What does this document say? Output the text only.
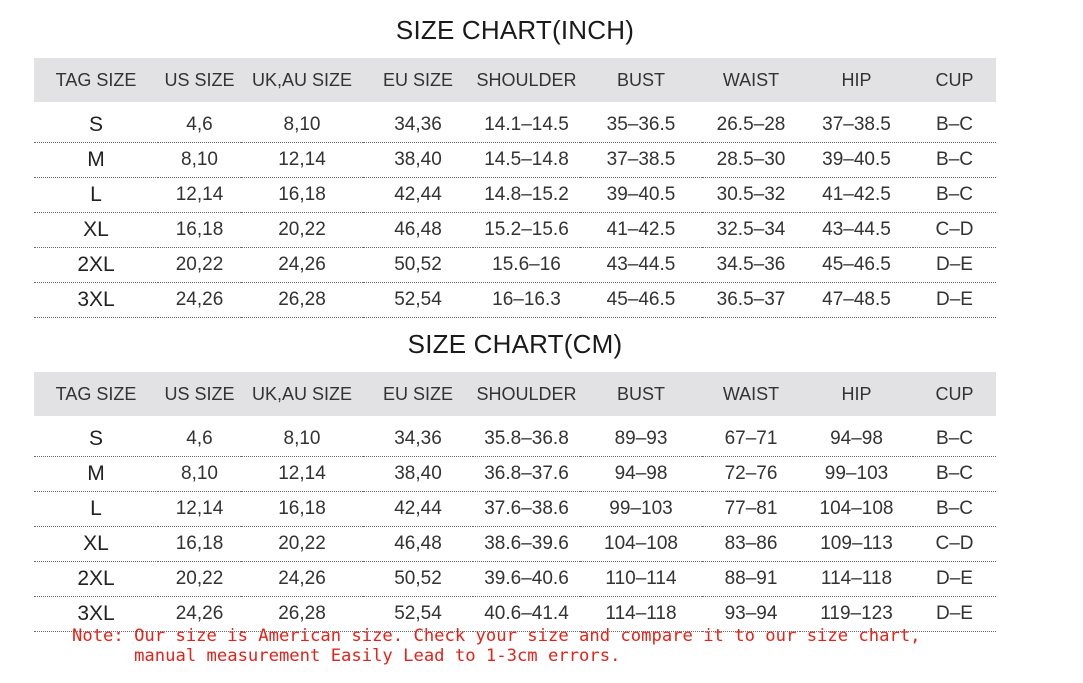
SIZE CHART(INCH)
TAG SIZE	US SIZE	UK,AU SIZE	EU SIZE	SHOULDER	BUST	WAIST	HIP	CUP

S	4,6	8,10	34,36	14.1–14.5	35–36.5	26.5–28	37–38.5	B–C
M	8,10	12,14	38,40	14.5–14.8	37–38.5	28.5–30	39–40.5	B–C
L	12,14	16,18	42,44	14.8–15.2	39–40.5	30.5–32	41–42.5	B–C
XL	16,18	20,22	46,48	15.2–15.6	41–42.5	32.5–34	43–44.5	C–D
2XL	20,22	24,26	50,52	15.6–16	43–44.5	34.5–36	45–46.5	D–E
3XL	24,26	26,28	52,54	16–16.3	45–46.5	36.5–37	47–48.5	D–E
SIZE CHART(CM)
TAG SIZE	US SIZE	UK,AU SIZE	EU SIZE	SHOULDER	BUST	WAIST	HIP	CUP

S	4,6	8,10	34,36	35.8–36.8	89–93	67–71	94–98	B–C
M	8,10	12,14	38,40	36.8–37.6	94–98	72–76	99–103	B–C
L	12,14	16,18	42,44	37.6–38.6	99–103	77–81	104–108	B–C
XL	16,18	20,22	46,48	38.6–39.6	104–108	83–86	109–113	C–D
2XL	20,22	24,26	50,52	39.6–40.6	110–114	88–91	114–118	D–E
3XL	24,26	26,28	52,54	40.6–41.4	114–118	93–94	119–123	D–E
Note: Our size is American size. Check your size and compare it to our size chart,
manual measurement Easily Lead to 1-3cm errors.
